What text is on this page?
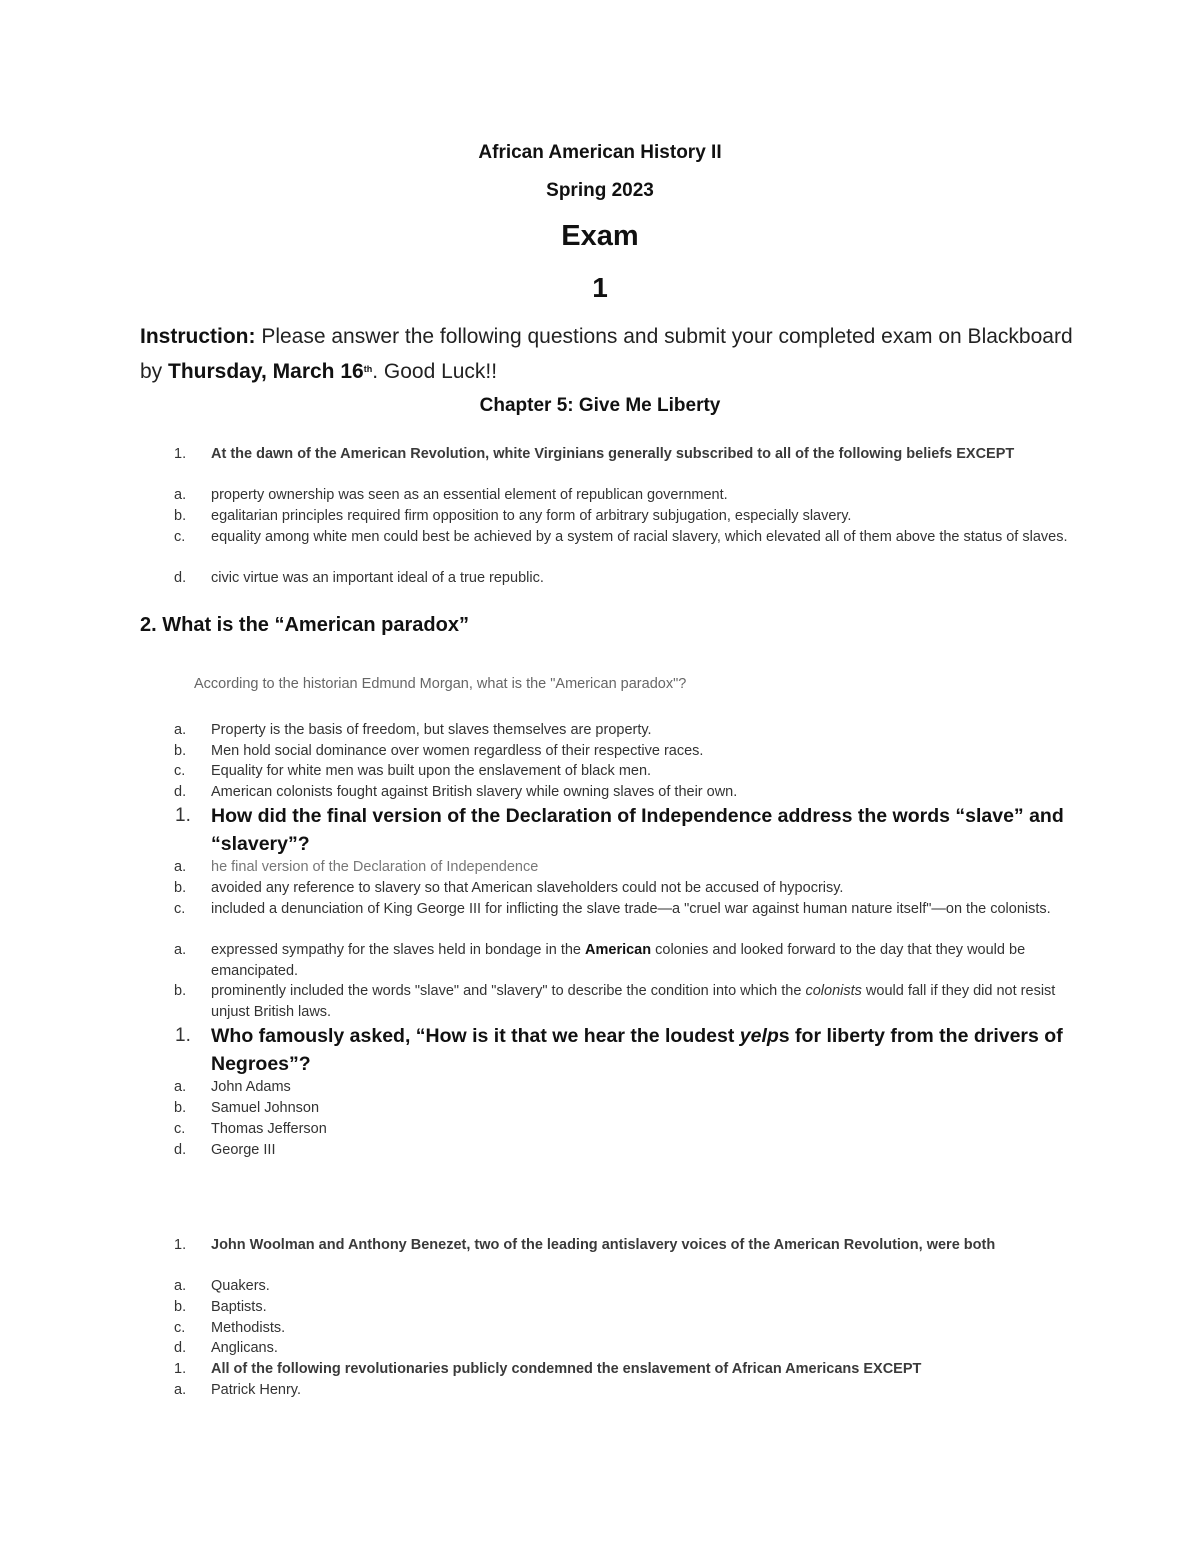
African American History II
Spring 2023
Exam
1
Instruction: Please answer the following questions and submit your completed exam on Blackboard by Thursday, March 16th. Good Luck!!
Chapter 5: Give Me Liberty
1.	At the dawn of the American Revolution, white Virginians generally subscribed to all of the following beliefs EXCEPT
a.	property ownership was seen as an essential element of republican government.
b.	egalitarian principles required firm opposition to any form of arbitrary subjugation, especially slavery.
c.	equality among white men could best be achieved by a system of racial slavery, which elevated all of them above the status of slaves.
d.	civic virtue was an important ideal of a true republic.
2. What is the “American paradox”
According to the historian Edmund Morgan, what is the "American paradox"?
a.	Property is the basis of freedom, but slaves themselves are property.
b.	Men hold social dominance over women regardless of their respective races.
c.	Equality for white men was built upon the enslavement of black men.
d.	American colonists fought against British slavery while owning slaves of their own.
1.	How did the final version of the Declaration of Independence address the words “slave” and “slavery”?
a.	he final version of the Declaration of Independence
b.	avoided any reference to slavery so that American slaveholders could not be accused of hypocrisy.
c.	included a denunciation of King George III for inflicting the slave trade—a "cruel war against human nature itself"—on the colonists.
a.	expressed sympathy for the slaves held in bondage in the American colonies and looked forward to the day that they would be emancipated.
b.	prominently included the words "slave" and "slavery" to describe the condition into which the colonists would fall if they did not resist unjust British laws.
1.	Who famously asked, “How is it that we hear the loudest yelps for liberty from the drivers of Negroes”?
a.	John Adams
b.	Samuel Johnson
c.	Thomas Jefferson
d.	George III
1.	John Woolman and Anthony Benezet, two of the leading antislavery voices of the American Revolution, were both
a.	Quakers.
b.	Baptists.
c.	Methodists.
d.	Anglicans.
1.	All of the following revolutionaries publicly condemned the enslavement of African Americans EXCEPT
a.	Patrick Henry.
